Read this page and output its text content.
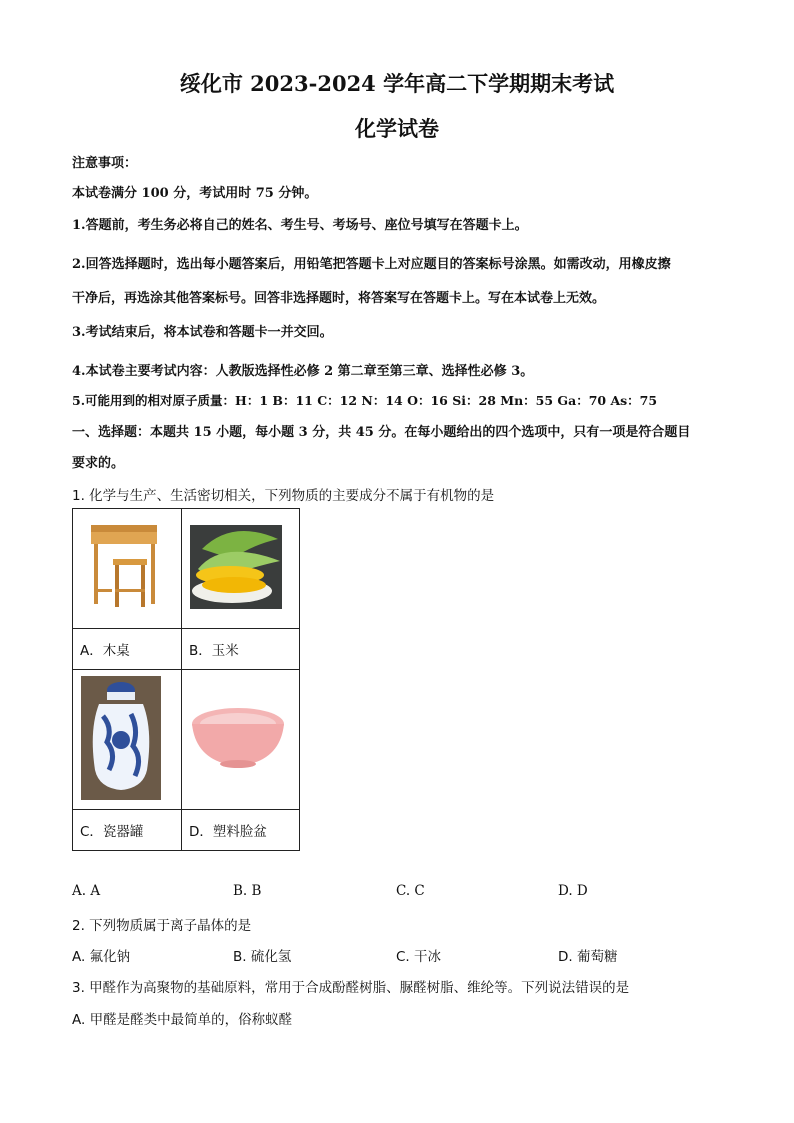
绥化市 2023-2024 学年高二下学期期末考试
化学试卷
注意事项：
本试卷满分 100 分，考试用时 75 分钟。
1.答题前，考生务必将自己的姓名、考生号、考场号、座位号填写在答题卡上。
2.回答选择题时，选出每小题答案后，用铅笔把答题卡上对应题目的答案标号涂黑。如需改动，用橡皮擦
干净后，再选涂其他答案标号。回答非选择题时，将答案写在答题卡上。写在本试卷上无效。
3.考试结束后，将本试卷和答题卡一并交回。
4.本试卷主要考试内容：人教版选择性必修 2 第二章至第三章、选择性必修 3。
5.可能用到的相对原子质量：H：1 B：11 C：12 N：14 O：16 Si：28 Mn：55 Ga：70 As：75
一、选择题：本题共 15 小题，每小题 3 分，共 45 分。在每小题给出的四个选项中，只有一项是符合题目
要求的。
1. 化学与生产、生活密切相关，下列物质的主要成分不属于有机物的是

A．木桌	B．玉米

C．瓷器罐	D．塑料脸盆
A. A	B. B	C. C	D. D
2. 下列物质属于离子晶体的是
A. 氟化钠	B. 硫化氢	C. 干冰	D. 葡萄糖
3. 甲醛作为高聚物的基础原料，常用于合成酚醛树脂、脲醛树脂、维纶等。下列说法错误的是
A. 甲醛是醛类中最简单的，俗称蚁醛
